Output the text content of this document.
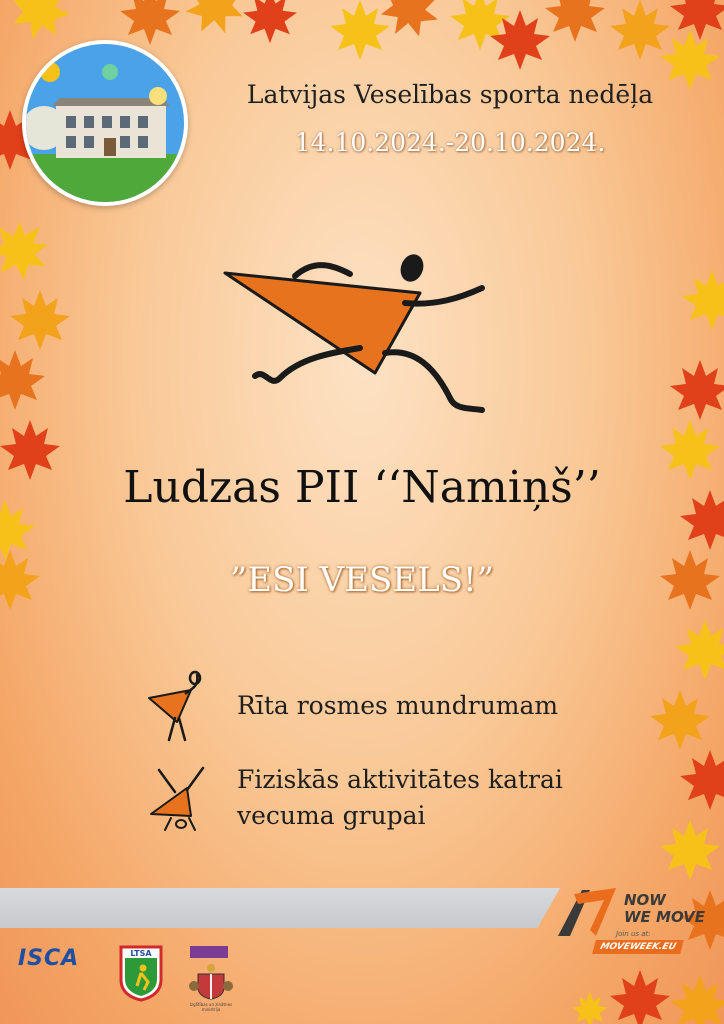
Latvijas Veselības sporta nedēļa
14.10.2024.-20.10.2024.
Ludzas PII ‘‘Namiņš’’
”ESI VESELS!”
Rīta rosmes mundrumam
Fiziskās aktivitātes katrai
vecuma grupai
ISCA	LTSA
Izglītības un zinātnes ministrija
NOW
WE MOVE
Join us at:
MOVEWEEK.EU
